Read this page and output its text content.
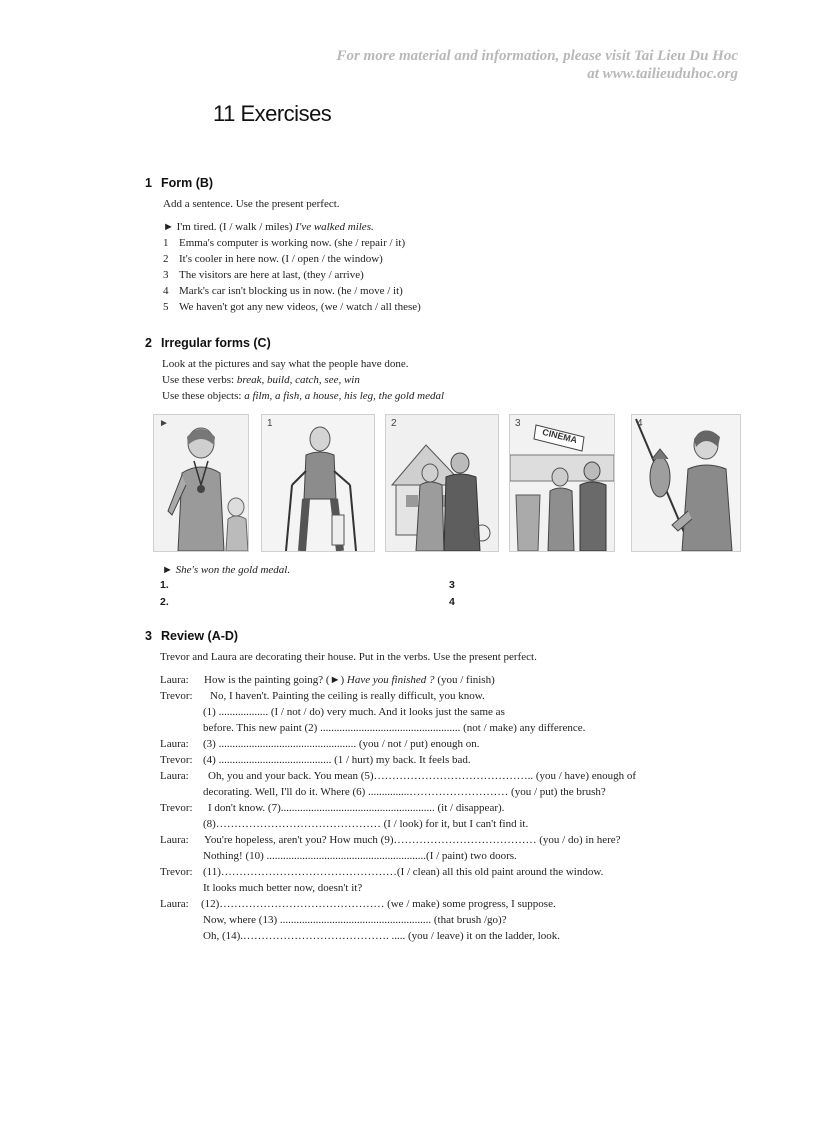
For more material and information, please visit Tai Lieu Du Hoc
at www.tailieuduhoc.org
11 Exercises
1 Form (B)
Add a sentence. Use the present perfect.
► I'm tired. (I / walk / miles) I've walked miles.
1 Emma's computer is working now. (she / repair / it)
2 It's cooler in here now. (I / open / the window)
3 The visitors are here at last, (they / arrive)
4 Mark's car isn't blocking us in now. (he / move / it)
5 We haven't got any new videos, (we / watch / all these)
2 Irregular forms (C)
Look at the pictures and say what the people have done.
Use these verbs: break, build, catch, see, win
Use these objects: a film, a fish, a house, his leg, the gold medal
►	1	2	3
CINEMA
4
► She's won the gold medal.
1.
2.
3
4
3 Review (A-D)
Trevor and Laura are decorating their house. Put in the verbs. Use the present perfect.
Laura: How is the painting going? (►) Have you finished ? (you / finish)
Trevor: No, I haven't. Painting the ceiling is really difficult, you know.
(1) .................. (I / not / do) very much. And it looks just the same as
before. This new paint (2) ................................................... (not / make) any difference.
Laura: (3) .................................................. (you / not / put) enough on.
Trevor: (4) ......................................... (1 / hurt) my back. It feels bad.
Laura: Oh, you and your back. You mean (5)…………………………………….. (you / have) enough of
decorating. Well, I'll do it. Where (6) ...............……………………… (you / put) the brush?
Trevor: I don't know. (7)........................................................ (it / disappear).
(8)……………………………………… (I / look) for it, but I can't find it.
Laura: You're hopeless, aren't you? How much (9)………………………………… (you / do) in here?
Nothing! (10) ..........................................................(I / paint) two doors.
Trevor: (11)…………………………………………(I / clean) all this old paint around the window.
It looks much better now, doesn't it?
Laura: (12)……………………………………… (we / make) some progress, I suppose.
Now, where (13) ....................................................... (that brush /go)?
Oh, (14).…………………………………. ..... (you / leave) it on the ladder, look.
